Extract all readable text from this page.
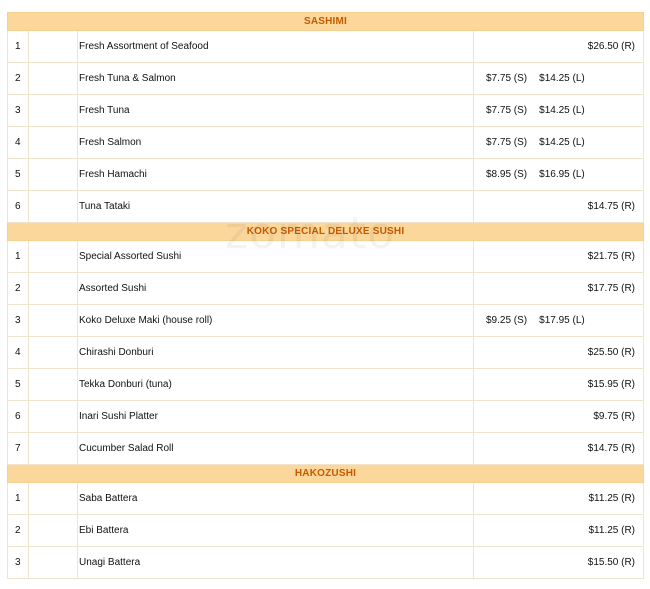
SASHIMI			
1		Fresh Assortment of Seafood	$26.50 (R)

2		Fresh Tuna & Salmon	$7.75 (S) $14.25 (L)

3		Fresh Tuna	$7.75 (S) $14.25 (L)

4		Fresh Salmon	$7.75 (S) $14.25 (L)

5		Fresh Hamachi	$8.95 (S) $16.95 (L)

6		Tuna Tataki	$14.75 (R)

KOKO SPECIAL DELUXE SUSHI			
1		Special Assorted Sushi	$21.75 (R)

2		Assorted Sushi	$17.75 (R)

3		Koko Deluxe Maki (house roll)	$9.25 (S) $17.95 (L)

4		Chirashi Donburi	$25.50 (R)

5		Tekka Donburi (tuna)	$15.95 (R)

6		Inari Sushi Platter	$9.75 (R)

7		Cucumber Salad Roll	$14.75 (R)

HAKOZUSHI			
1		Saba Battera	$11.25 (R)

2		Ebi Battera	$11.25 (R)

3		Unagi Battera	$15.50 (R)
